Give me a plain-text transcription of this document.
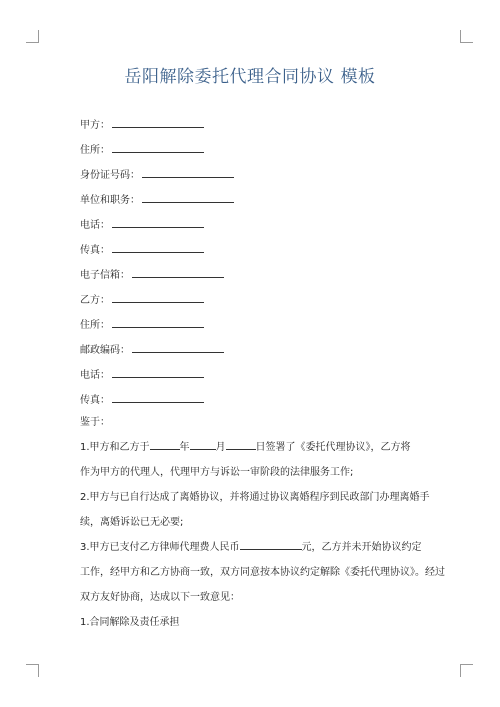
岳阳解除委托代理合同协议 模板
甲方：
住所：
身份证号码：
单位和职务：
电话：
传真：
电子信箱：
乙方：
住所：
邮政编码：
电话：
传真：
鉴于：
1.甲方和乙方于	年	月	日签署了《委托代理协议》，乙方将
作为甲方的代理人，代理甲方与诉讼一审阶段的法律服务工作;
2.甲方与已自行达成了离婚协议，并将通过协议离婚程序到民政部门办理离婚手
续，离婚诉讼已无必要;
3.甲方已支付乙方律师代理费人民币	元，乙方并未开始协议约定
工作，经甲方和乙方协商一致，双方同意按本协议约定解除《委托代理协议》。经过
双方友好协商，达成以下一致意见：
1.合同解除及责任承担
